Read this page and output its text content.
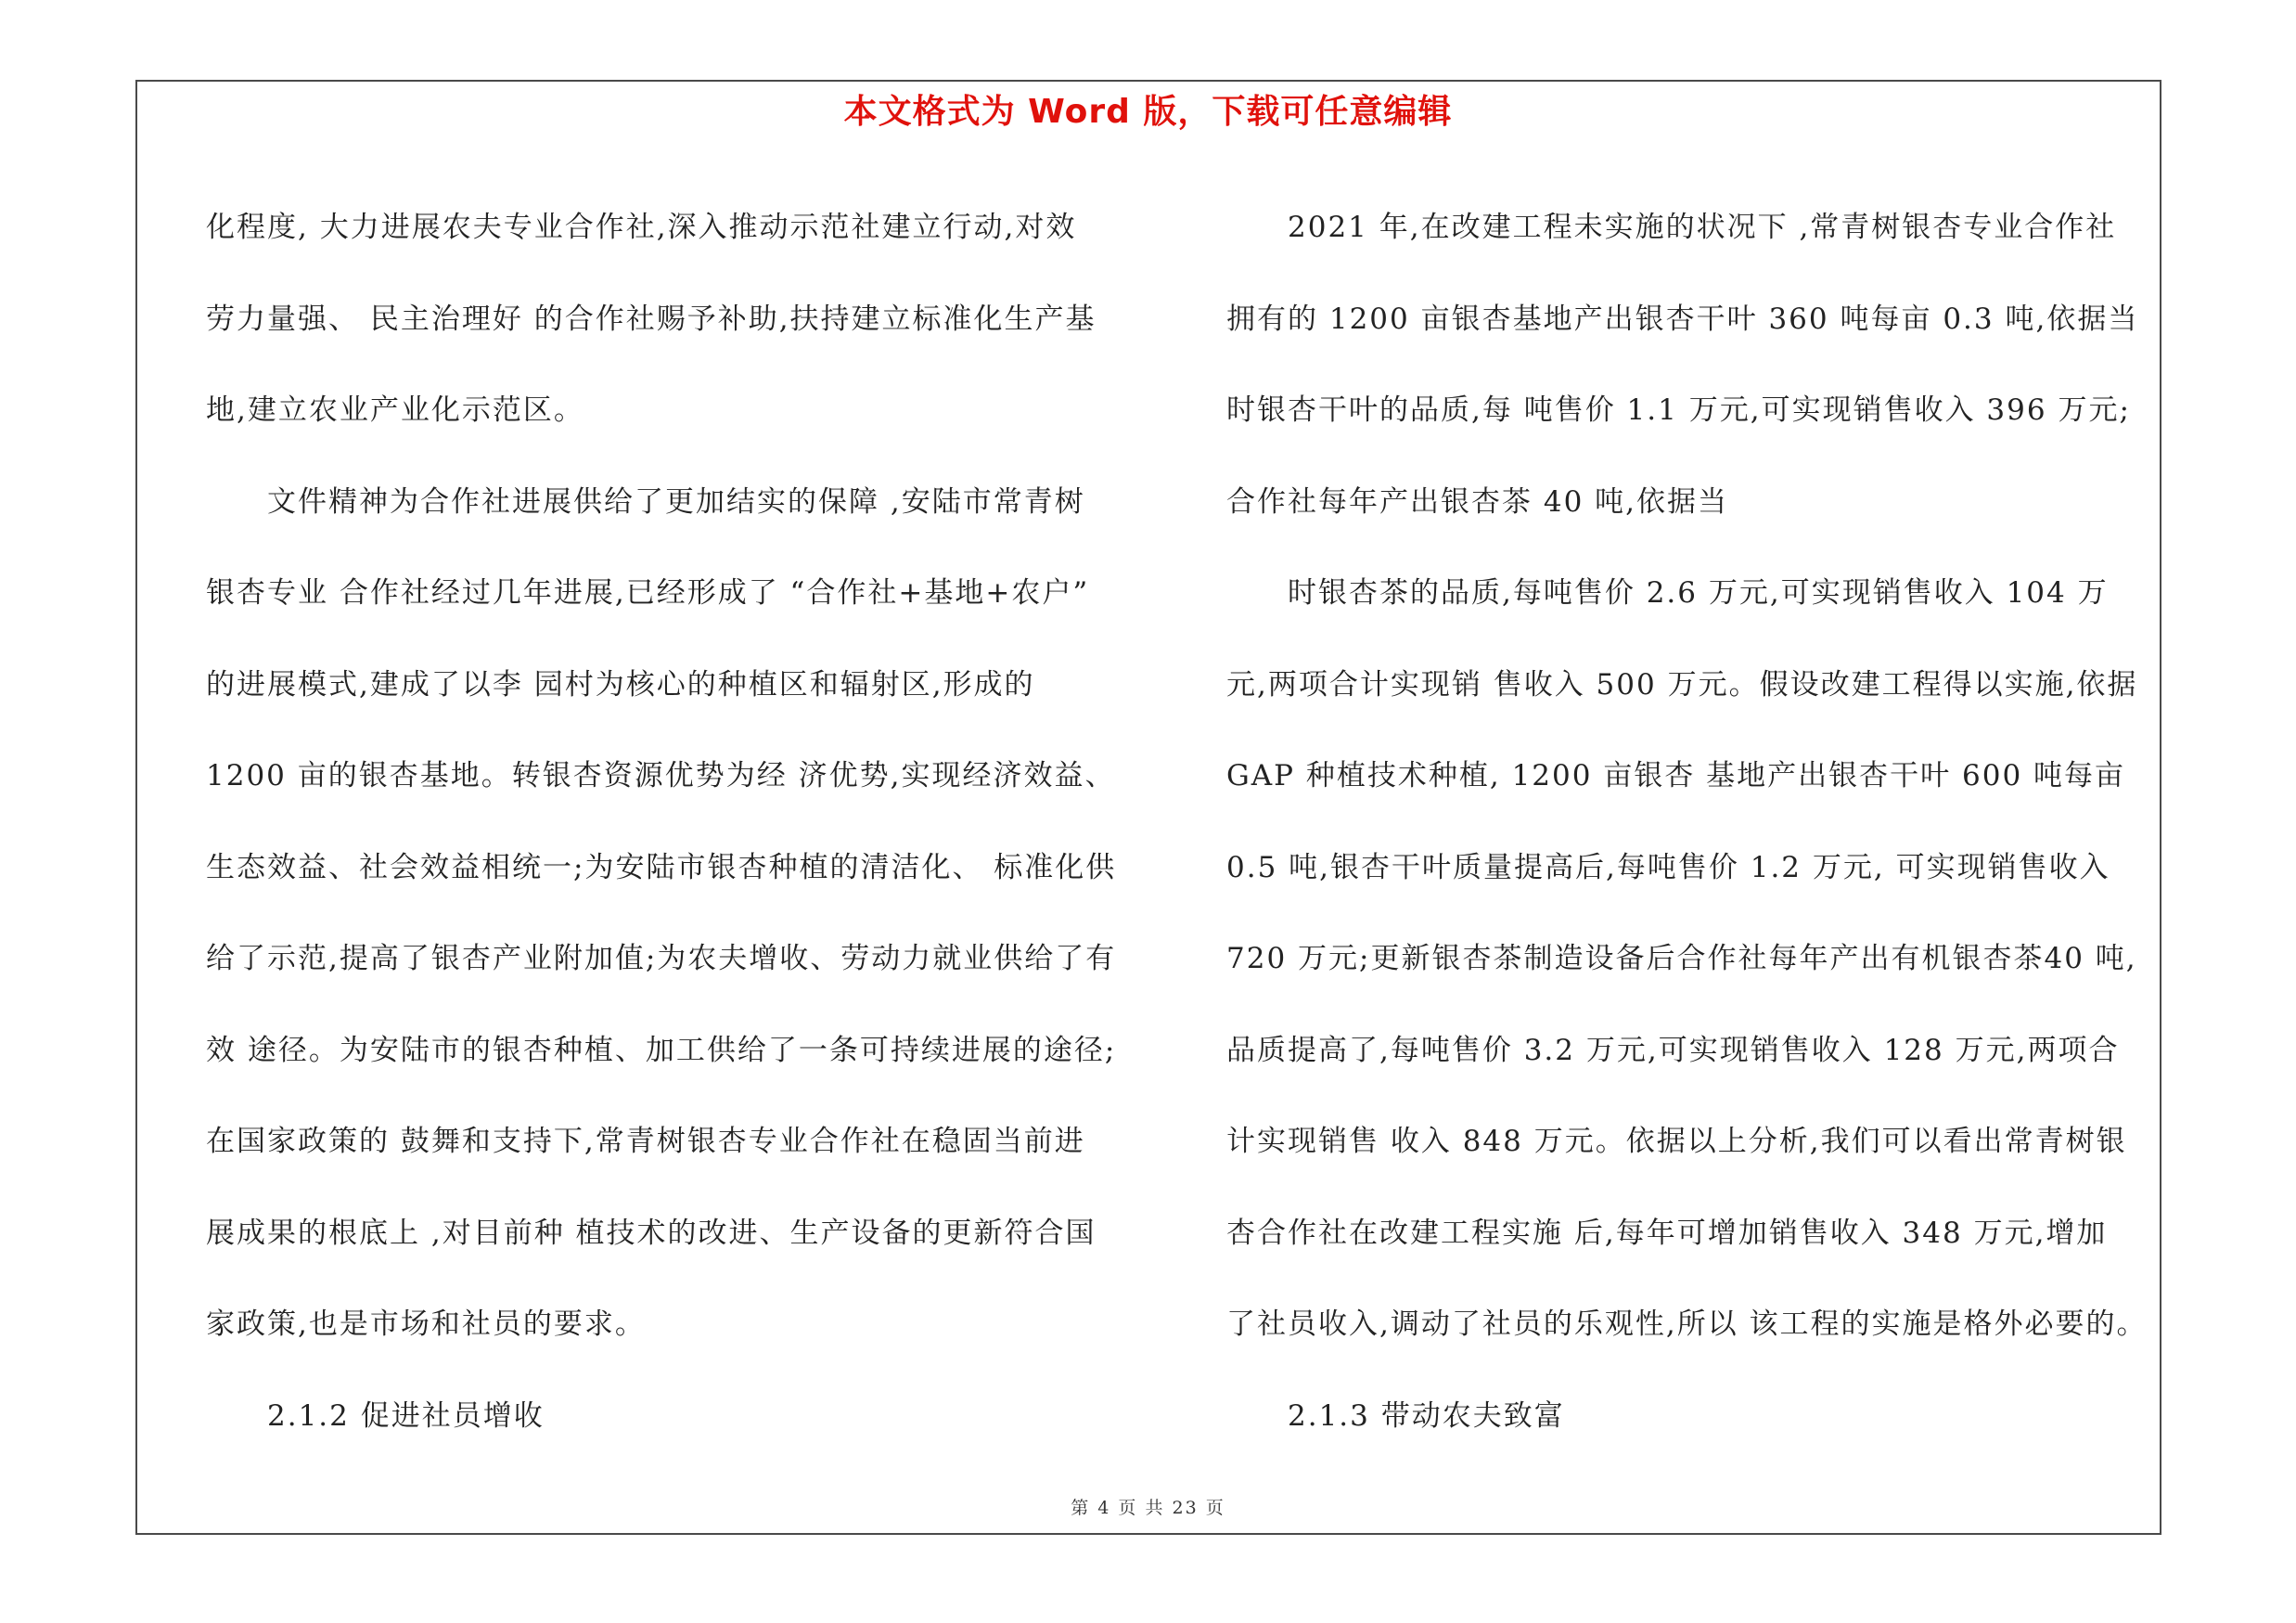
本文格式为 Word 版，下载可任意编辑
化程度, 大力进展农夫专业合作社,深入推动示范社建立行动,对效
劳力量强、 民主治理好 的合作社赐予补助,扶持建立标准化生产基
地,建立农业产业化示范区。
文件精神为合作社进展供给了更加结实的保障 ,安陆市常青树
银杏专业 合作社经过几年进展,已经形成了 “合作社+基地+农户”
的进展模式,建成了以李 园村为核心的种植区和辐射区,形成的
1200 亩的银杏基地。转银杏资源优势为经 济优势,实现经济效益、
生态效益、社会效益相统一;为安陆市银杏种植的清洁化、 标准化供
给了示范,提高了银杏产业附加值;为农夫增收、劳动力就业供给了有
效 途径。为安陆市的银杏种植、加工供给了一条可持续进展的途径;
在国家政策的 鼓舞和支持下,常青树银杏专业合作社在稳固当前进
展成果的根底上 ,对目前种 植技术的改进、生产设备的更新符合国
家政策,也是市场和社员的要求。
2.1.2 促进社员增收
2021 年,在改建工程未实施的状况下 ,常青树银杏专业合作社
拥有的 1200 亩银杏基地产出银杏干叶 360 吨每亩 0.3 吨,依据当
时银杏干叶的品质,每 吨售价 1.1 万元,可实现销售收入 396 万元;
合作社每年产出银杏茶 40 吨,依据当
时银杏茶的品质,每吨售价 2.6 万元,可实现销售收入 104 万
元,两项合计实现销 售收入 500 万元。假设改建工程得以实施,依据
GAP 种植技术种植, 1200 亩银杏 基地产出银杏干叶 600 吨每亩
0.5 吨,银杏干叶质量提高后,每吨售价 1.2 万元, 可实现销售收入
720 万元;更新银杏茶制造设备后合作社每年产出有机银杏茶40 吨,
品质提高了,每吨售价 3.2 万元,可实现销售收入 128 万元,两项合
计实现销售 收入 848 万元。依据以上分析,我们可以看出常青树银
杏合作社在改建工程实施 后,每年可增加销售收入 348 万元,增加
了社员收入,调动了社员的乐观性,所以 该工程的实施是格外必要的。
2.1.3 带动农夫致富
第 4 页 共 23 页
